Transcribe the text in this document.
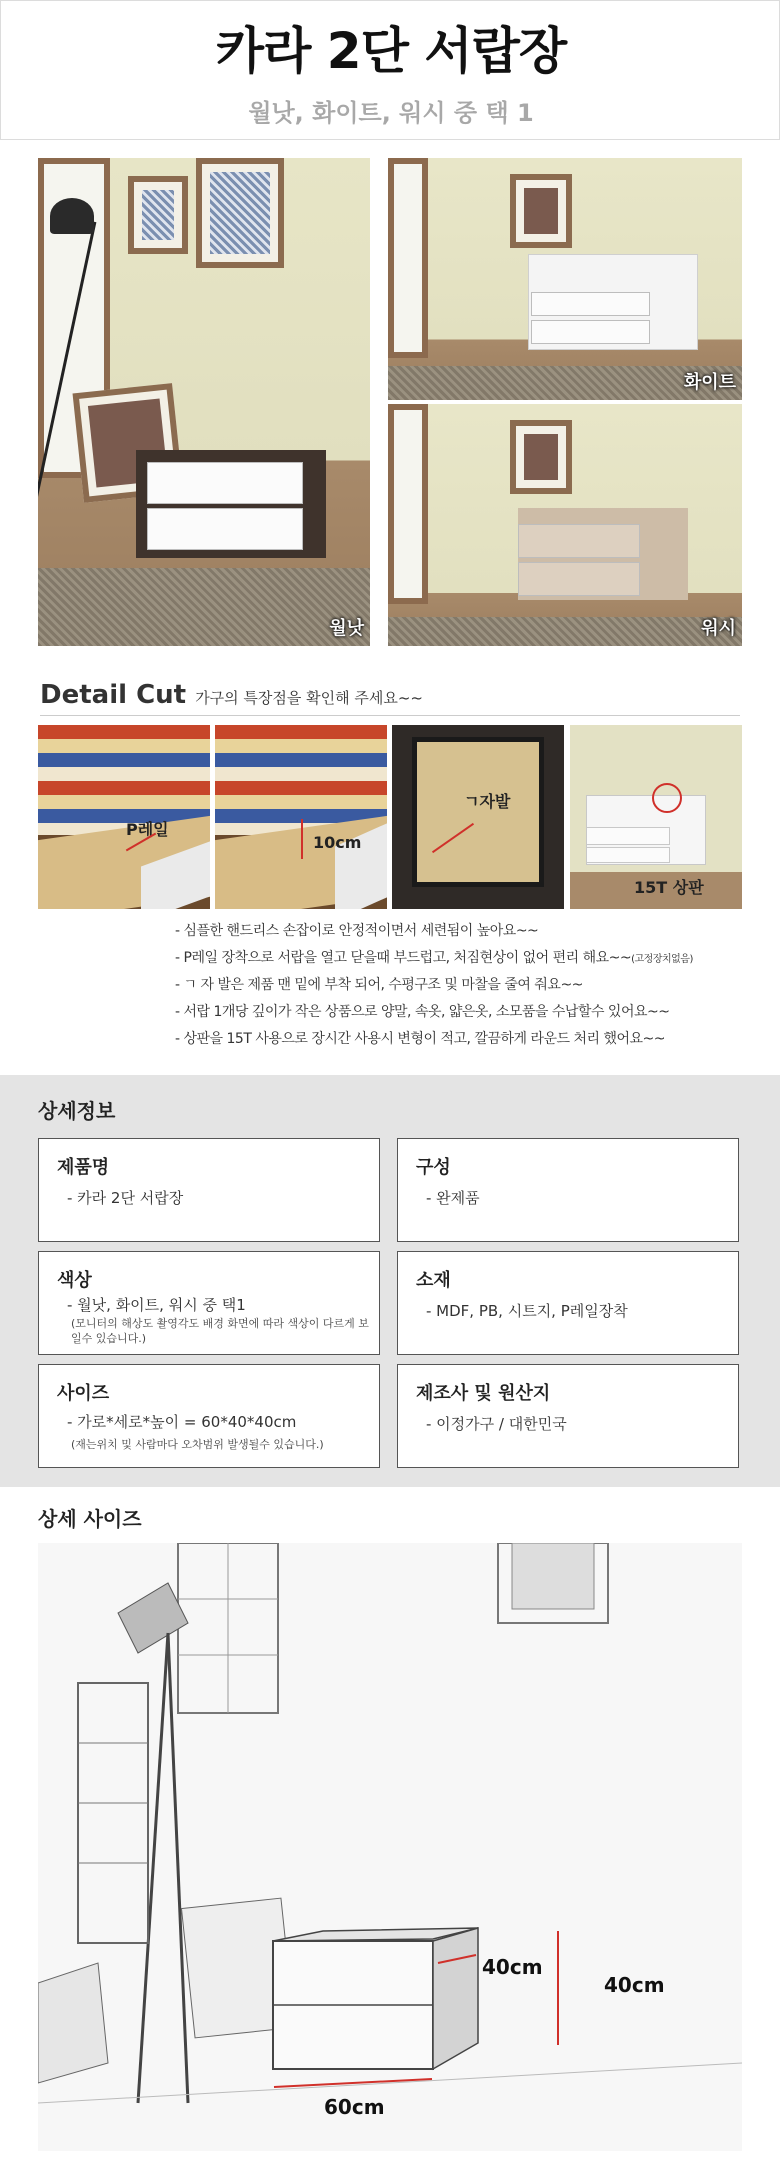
카라 2단 서랍장
월낫, 화이트, 워시 중 택 1
월낫
화이트
워시
Detail Cut 가구의 특장점을 확인해 주세요~~
P레일
10cm
ㄱ자발
15T 상판
- 심플한 핸드리스 손잡이로 안정적이면서 세련됨이 높아요~~
- P레일 장착으로 서랍을 열고 닫을때 부드럽고, 처짐현상이 없어 편리 해요~~(고정장치없음)
- ㄱ 자 발은 제품 맨 밑에 부착 되어, 수평구조 및 마찰을 줄여 줘요~~
- 서랍 1개당 깊이가 작은 상품으로 양말, 속옷, 얇은옷, 소모품을 수납할수 있어요~~
- 상판을 15T 사용으로 장시간 사용시 변형이 적고, 깔끔하게 라운드 처리 했어요~~
상세정보
제품명
- 카라 2단 서랍장
구성
- 완제품
색상
- 월낫, 화이트, 워시 중 택1
(모니터의 해상도 촬영각도 배경 화면에 따라 색상이 다르게 보일수 있습니다.)
소재
- MDF, PB, 시트지, P레일장착
사이즈
- 가로*세로*높이 = 60*40*40cm
(재는위치 및 사람마다 오차범위 발생될수 있습니다.)
제조사 및 원산지
- 이정가구 / 대한민국
상세 사이즈
60cm
40cm
40cm
